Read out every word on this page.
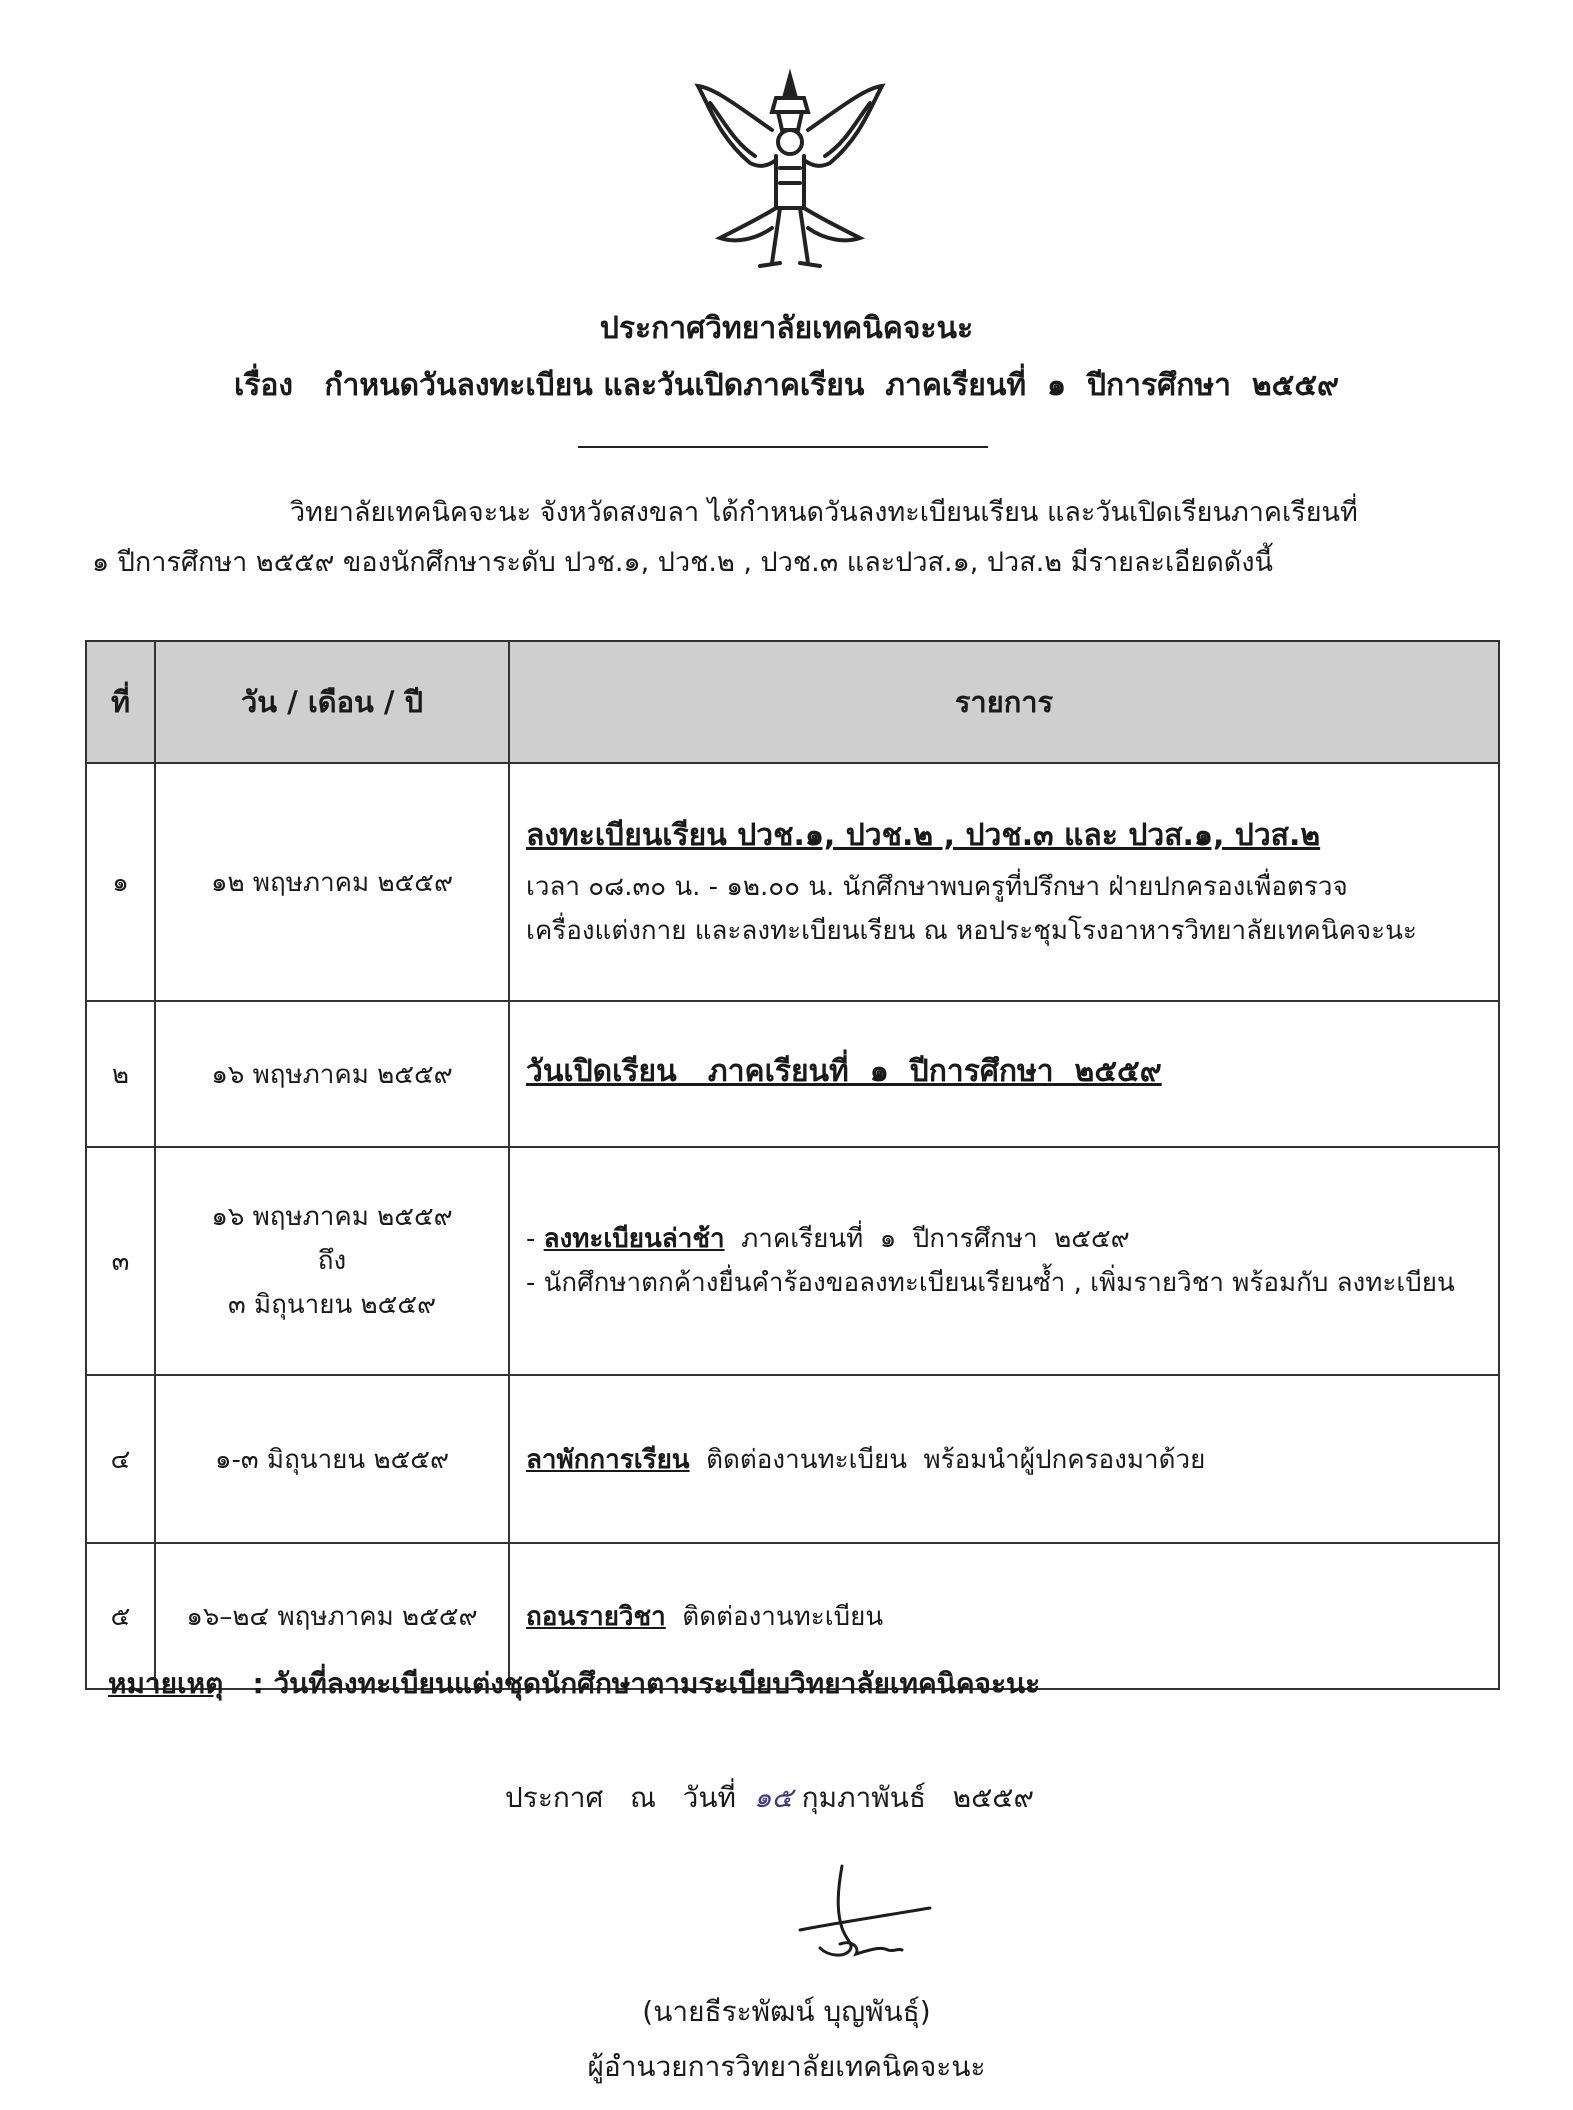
ประกาศวิทยาลัยเทคนิคจะนะ
เรื่อง   กำหนดวันลงทะเบียน และวันเปิดภาคเรียน  ภาคเรียนที่  ๑  ปีการศึกษา  ๒๕๕๙
วิทยาลัยเทคนิคจะนะ จังหวัดสงขลา ได้กำหนดวันลงทะเบียนเรียน และวันเปิดเรียนภาคเรียนที่
๑ ปีการศึกษา ๒๕๕๙ ของนักศึกษาระดับ ปวช.๑, ปวช.๒ , ปวช.๓ และปวส.๑, ปวส.๒ มีรายละเอียดดังนี้
ที่	วัน / เดือน / ปี	รายการ
๑	๑๒ พฤษภาคม ๒๕๕๙	ลงทะเบียนเรียน ปวช.๑, ปวช.๒ , ปวช.๓ และ ปวส.๑, ปวส.๒
เวลา ๐๘.๓๐ น. - ๑๒.๐๐ น. นักศึกษาพบครูที่ปรึกษา ฝ่ายปกครองเพื่อตรวจ
เครื่องแต่งกาย และลงทะเบียนเรียน ณ หอประชุมโรงอาหารวิทยาลัยเทคนิคจะนะ

๒	๑๖ พฤษภาคม ๒๕๕๙	วันเปิดเรียน   ภาคเรียนที่  ๑  ปีการศึกษา  ๒๕๕๙

๓	๑๖ พฤษภาคม ๒๕๕๙
ถึง
๓ มิถุนายน ๒๕๕๙	- ลงทะเบียนล่าช้า  ภาคเรียนที่  ๑  ปีการศึกษา  ๒๕๕๙
- นักศึกษาตกค้างยื่นคำร้องขอลงทะเบียนเรียนซ้ำ , เพิ่มรายวิชา พร้อมกับ ลงทะเบียน

๔	๑-๓ มิถุนายน ๒๕๕๙	ลาพักการเรียน  ติดต่องานทะเบียน  พร้อมนำผู้ปกครองมาด้วย
๕	๑๖–๒๔ พฤษภาคม ๒๕๕๙	ถอนรายวิชา  ติดต่องานทะเบียน
หมายเหตุ   : วันที่ลงทะเบียนแต่งชุดนักศึกษาตามระเบียบวิทยาลัยเทคนิคจะนะ
ประกาศ   ณ   วันที่  ๑๕ กุมภาพันธ์   ๒๕๕๙
(นายธีระพัฒน์ บุญพันธุ์)
ผู้อำนวยการวิทยาลัยเทคนิคจะนะ
